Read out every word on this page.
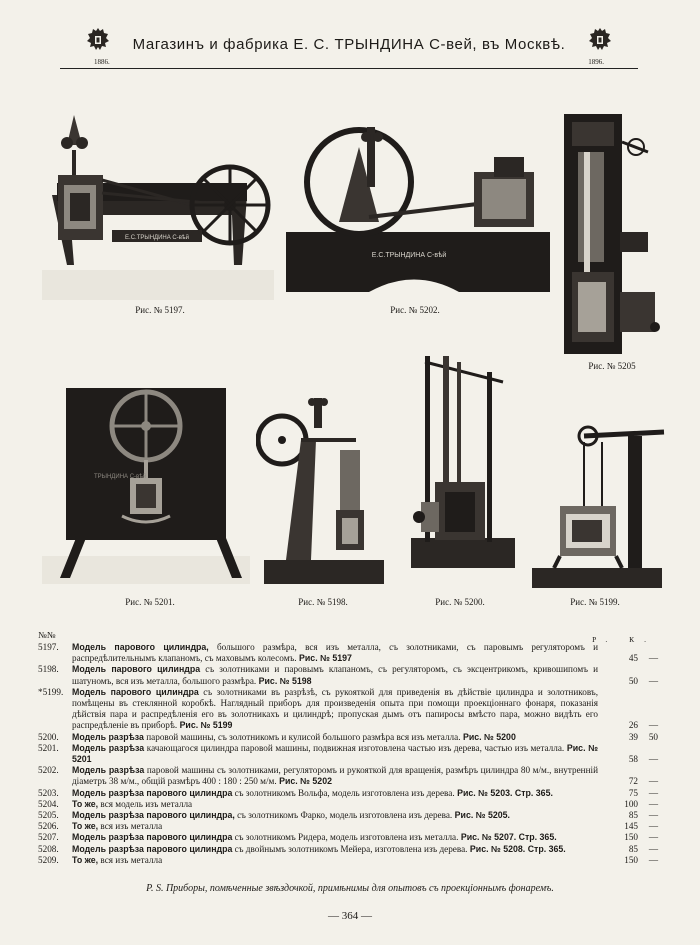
1886.
Магазинъ и фабрика Е. С. ТРЫНДИНА С-вей, въ Москвѣ.
1896.
Е.С.ТРЫНДИНА С-вѣй
Рис. № 5197.
Е.С.ТРЫНДИНА С-вѣй
Рис. № 5202.
Рис. № 5205
ТРЫНДИНА С-вѣй
Рис. № 5201.	Рис. № 5198.	Рис. № 5200.	Рис. № 5199.
№№	Р. К.
5197.	Модель парового цилиндра, большого размѣра, вся изъ металла, съ золотниками, съ паровымъ регуляторомъ и распредѣлительнымъ клапаномъ, съ маховымъ колесомъ. Рис. № 5197	45	—
5198.	Модель парового цилиндра съ золотниками и паровымъ клапаномъ, съ регуляторомъ, съ эксцентрикомъ, кривошипомъ и шатуномъ, вся изъ металла, большого размѣра. Рис. № 5198	50	—
*5199. Модель парового цилиндра съ золотниками въ разрѣзѣ, съ рукояткой для приведенія въ дѣйствіе цилиндра и золотниковъ, помѣщены въ стеклянной коробкѣ. Наглядный приборъ для произведенія опыта при помощи проекціоннаго фонаря, показанія дѣйствія пара и распредѣленія его въ золотникахъ и цилиндрѣ; пропуская дымъ отъ папиросы вмѣсто пара, можно видѣть его распредѣленіе въ приборѣ. Рис. № 5199	26	—
5200.	Модель разрѣза паровой машины, съ золотникомъ и кулисой большого размѣра вся изъ металла. Рис. № 5200	39	50
5201.	Модель разрѣза качающагося цилиндра паровой машины, подвижная изготовлена частью изъ дерева, частью изъ металла. Рис. № 5201	58	—
5202.	Модель разрѣза паровой машины съ золотниками, регуляторомъ и рукояткой для вращенія, размѣръ цилиндра 80 м/м., внутренній діаметръ 38 м/м., общій размѣръ 400 : 180 : 250 м/м. Рис. № 5202	72	—
5203.	Модель разрѣза парового цилиндра съ золотникомъ Вольфа, модель изготовлена изъ дерева. Рис. № 5203. Стр. 365.	75	—
5204.	То же, вся модель изъ металла	100	—
5205.	Модель разрѣза парового цилиндра, съ золотникомъ Фарко, модель изготовлена изъ дерева. Рис. № 5205.	85	—
5206.	То же, вся изъ металла	145	—
5207.	Модель разрѣза парового цилиндра съ золотникомъ Ридера, модель изготовлена изъ металла. Рис. № 5207. Стр. 365.	150	—
5208.	Модель разрѣза парового цилиндра съ двойнымъ золотникомъ Мейера, изготовлена изъ дерева. Рис. № 5208. Стр. 365.	85	—
5209.	То же, вся изъ металла	150	—
P. S. Приборы, помѣченные звѣздочкой, примѣнимы для опытовъ съ проекціоннымъ фонаремъ.
— 364 —
